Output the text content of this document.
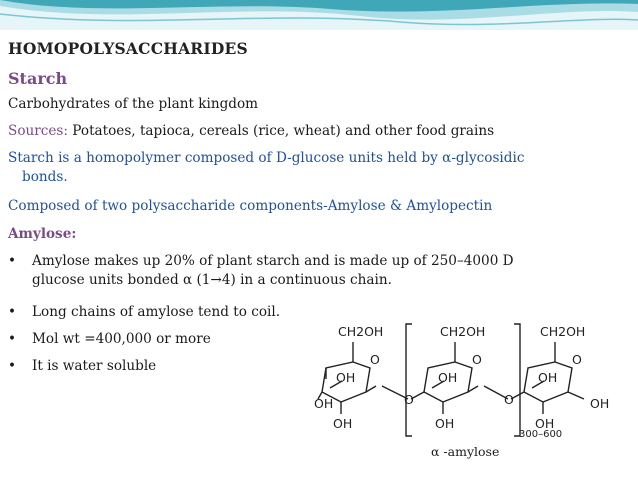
HOMOPOLYSACCHARIDES
Starch
Carbohydrates of the plant kingdom
Sources: Potatoes, tapioca, cereals (rice, wheat) and other food grains
Starch is a homopolymer composed of D-glucose units held by α-glycosidic
bonds.
Composed of two polysaccharide components-Amylose & Amylopectin
Amylose:
•	Amylose makes up 20% of plant starch and is made up of 250–4000 D
glucose units bonded α (1→4) in a continuous chain.
•	Long chains of amylose tend to coil.
•	Mol wt =400,000 or more
•	It is water soluble
CH2OH	CH2OH	CH2OH
O	O	O
OH	OH	OH
OH	OH
OH	OH	OH
O	O
300–600
α -amylose
